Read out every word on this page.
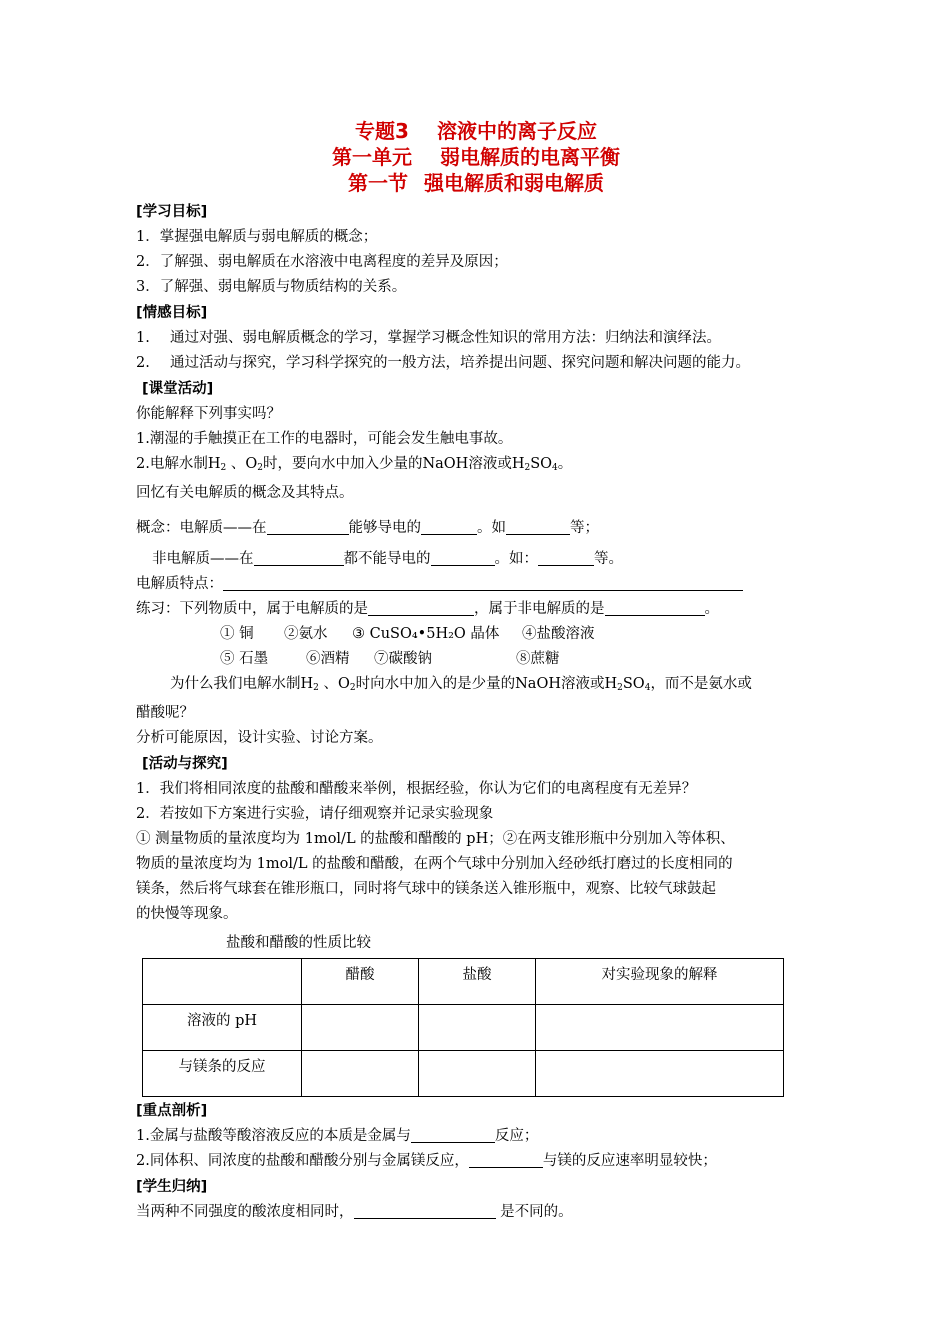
专题3 溶液中的离子反应
第一单元 弱电解质的电离平衡
第一节 强电解质和弱电解质
[学习目标]
1．掌握强电解质与弱电解质的概念；
2．了解强、弱电解质在水溶液中电离程度的差异及原因；
3．了解强、弱电解质与物质结构的关系。
[情感目标]
1. 通过对强、弱电解质概念的学习，掌握学习概念性知识的常用方法：归纳法和演绎法。
2. 通过活动与探究，学习科学探究的一般方法，培养提出问题、探究问题和解决问题的能力。
[课堂活动]
你能解释下列事实吗？
1.潮湿的手触摸正在工作的电器时，可能会发生触电事故。
2.电解水制$H_2$ 、$O_2$时，要向水中加入少量的NaOH溶液或$H_2SO_4$。
回忆有关电解质的概念及其特点。
概念：电解质——在	能够导电的	。如	等；
非电解质——在	都不能导电的	。如：	等。
电解质特点：
练习：下列物质中，属于电解质的是	，属于非电解质的是	。
① 铜 ②氨水 ③ CuSO₄•5H₂O 晶体 ④盐酸溶液
⑤ 石墨	⑥酒精 ⑦碳酸钠	⑧蔗糖
为什么我们电解水制$H_2$ 、$O_2$时向水中加入的是少量的NaOH溶液或$H_2SO_4$，而不是氨水或
醋酸呢？
分析可能原因，设计实验、讨论方案。
[活动与探究]
1．我们将相同浓度的盐酸和醋酸来举例，根据经验，你认为它们的电离程度有无差异？
2．若按如下方案进行实验，请仔细观察并记录实验现象
① 测量物质的量浓度均为 1mol/L 的盐酸和醋酸的 pH；②在两支锥形瓶中分别加入等体积、
物质的量浓度均为 1mol/L 的盐酸和醋酸，在两个气球中分别加入经砂纸打磨过的长度相同的
镁条，然后将气球套在锥形瓶口，同时将气球中的镁条送入锥形瓶中，观察、比较气球鼓起
的快慢等现象。
盐酸和醋酸的性质比较
	醋酸	盐酸	对实验现象的解释
溶液的 pH			
与镁条的反应			
[重点剖析]
1.金属与盐酸等酸溶液反应的本质是金属与	反应；
2.同体积、同浓度的盐酸和醋酸分别与金属镁反应，	与镁的反应速率明显较快；
[学生归纳]
当两种不同强度的酸浓度相同时，	是不同的。
